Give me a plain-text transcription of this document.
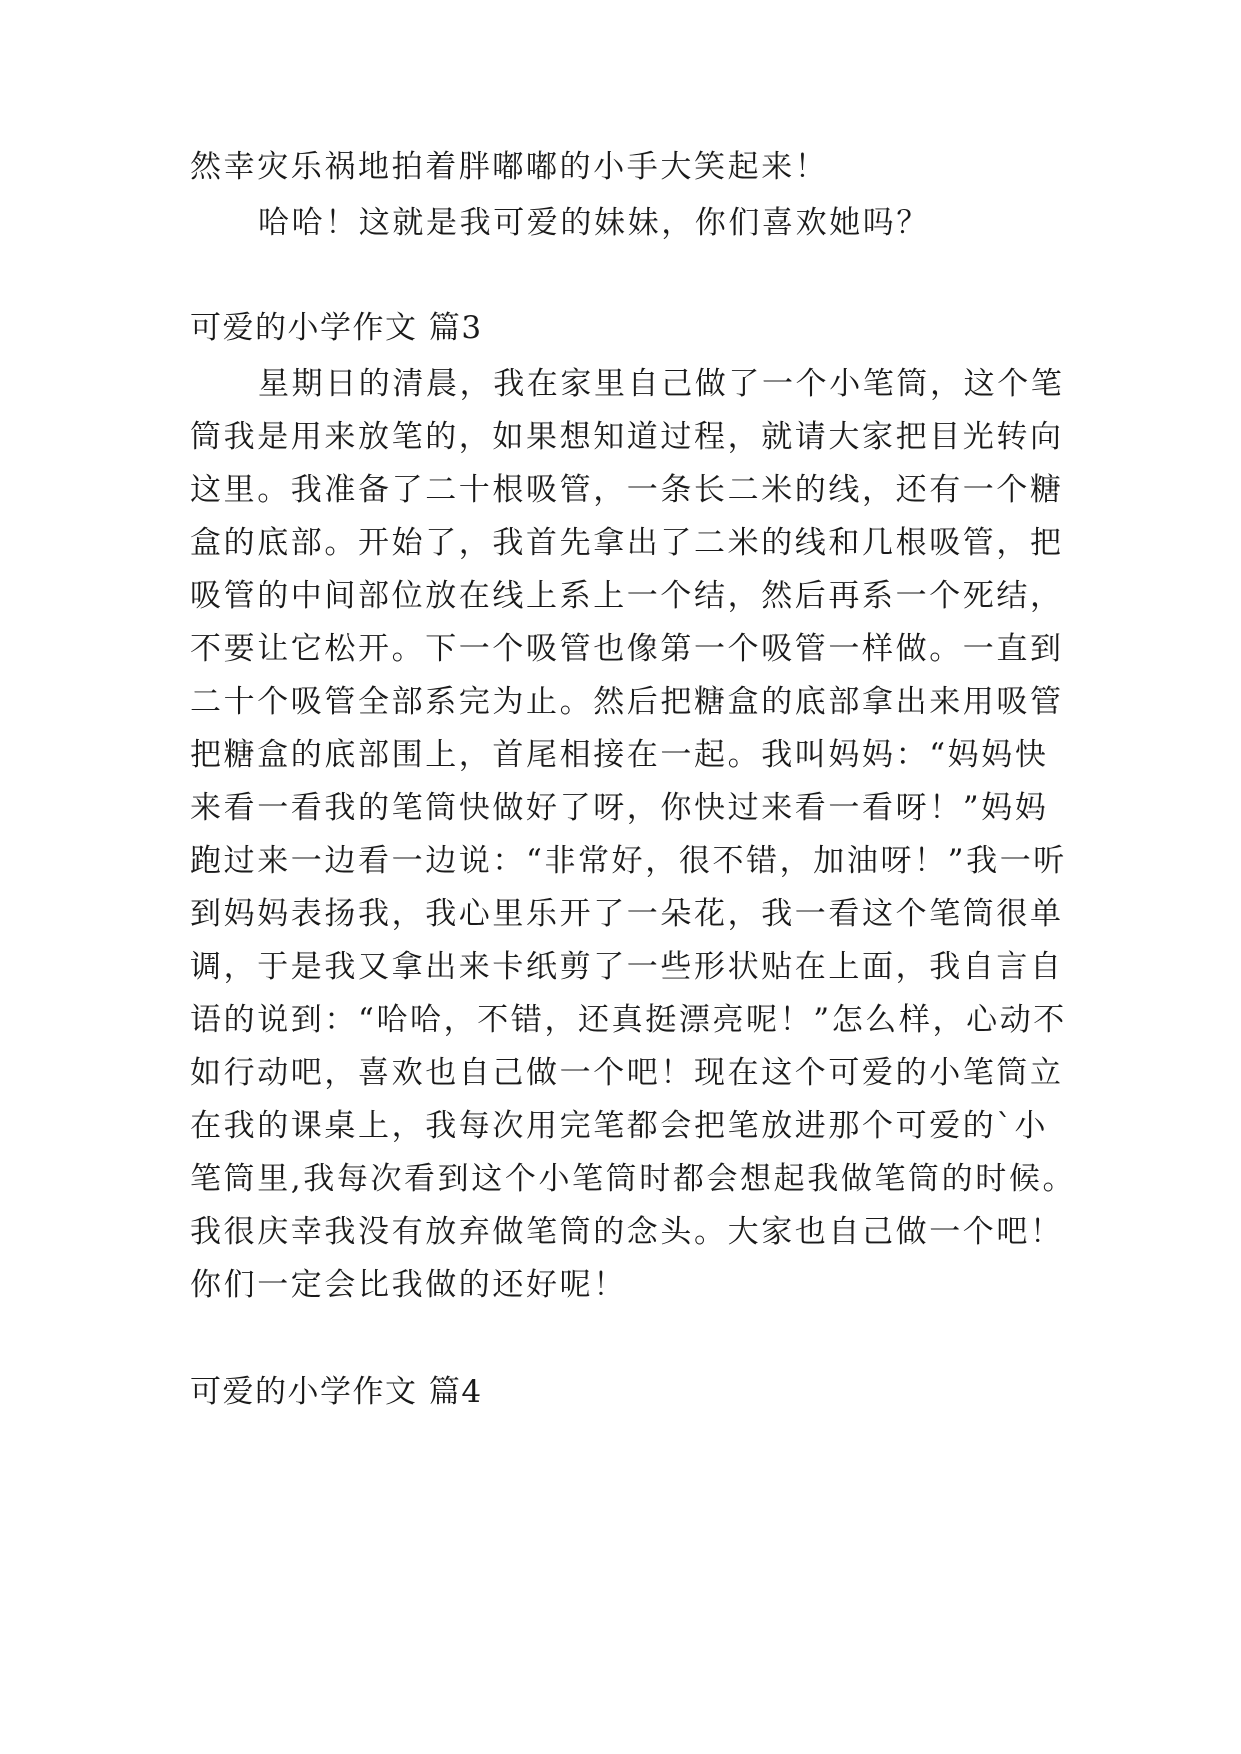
然幸灾乐祸地拍着胖嘟嘟的小手大笑起来！
哈哈！这就是我可爱的妹妹，你们喜欢她吗？
可爱的小学作文 篇3
星期日的清晨，我在家里自己做了一个小笔筒，这个笔
筒我是用来放笔的，如果想知道过程，就请大家把目光转向
这里。我准备了二十根吸管，一条长二米的线，还有一个糖
盒的底部。开始了，我首先拿出了二米的线和几根吸管，把
吸管的中间部位放在线上系上一个结，然后再系一个死结，
不要让它松开。下一个吸管也像第一个吸管一样做。一直到
二十个吸管全部系完为止。然后把糖盒的底部拿出来用吸管
把糖盒的底部围上，首尾相接在一起。我叫妈妈：“妈妈快
来看一看我的笔筒快做好了呀，你快过来看一看呀！”妈妈
跑过来一边看一边说：“非常好，很不错，加油呀！”我一听
到妈妈表扬我，我心里乐开了一朵花，我一看这个笔筒很单
调，于是我又拿出来卡纸剪了一些形状贴在上面，我自言自
语的说到：“哈哈，不错，还真挺漂亮呢！”怎么样，心动不
如行动吧，喜欢也自己做一个吧！现在这个可爱的小笔筒立
在我的课桌上，我每次用完笔都会把笔放进那个可爱的`小
笔筒里,我每次看到这个小笔筒时都会想起我做笔筒的时候。
我很庆幸我没有放弃做笔筒的念头。大家也自己做一个吧！
你们一定会比我做的还好呢！
可爱的小学作文 篇4
